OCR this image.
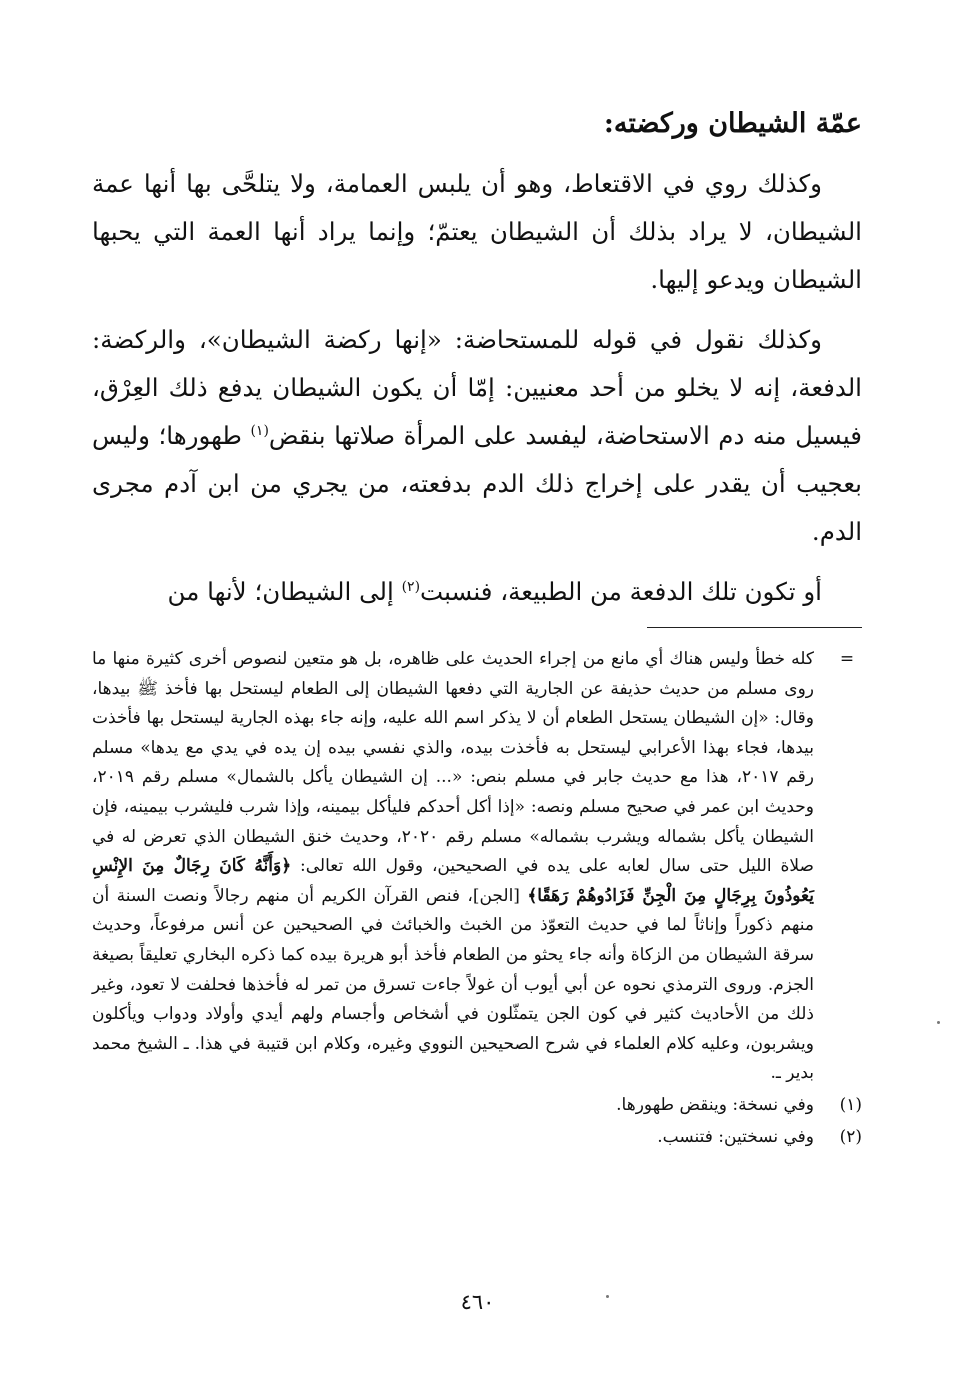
عمّة الشيطان وركضته:

وكذلك روي في الاقتعاط، وهو أن يلبس العمامة، ولا يتلحَّى بها أنها عمة الشيطان، لا يراد بذلك أن الشيطان يعتمّ؛ وإنما يراد أنها العمة التي يحبها الشيطان ويدعو إليها.

وكذلك نقول في قوله للمستحاضة: «إنها ركضة الشيطان»، والركضة: الدفعة، إنه لا يخلو من أحد معنيين: إمّا أن يكون الشيطان يدفع ذلك العِرْق، فيسيل منه دم الاستحاضة، ليفسد على المرأة صلاتها بنقض$^{(١)}$ طهورها؛ وليس بعجيب أن يقدر على إخراج ذلك الدم بدفعته، من يجري من ابن آدم مجرى الدم.

أو تكون تلك الدفعة من الطبيعة، فنسبت$^{(٢)}$ إلى الشيطان؛ لأنها من

=
كله خطأ وليس هناك أي مانع من إجراء الحديث على ظاهره، بل هو متعين لنصوص أخرى كثيرة منها ما روى مسلم من حديث حذيفة عن الجارية التي دفعها الشيطان إلى الطعام ليستحل بها فأخذ ﷺ بيدها، وقال: «إن الشيطان يستحل الطعام أن لا يذكر اسم الله عليه، وإنه جاء بهذه الجارية ليستحل بها فأخذت بيدها، فجاء بهذا الأعرابي ليستحل به فأخذت بيده، والذي نفسي بيده إن يده في يدي مع يدها» مسلم رقم ٢٠١٧، هذا مع حديث جابر في مسلم بنص: «... إن الشيطان يأكل بالشمال» مسلم رقم ٢٠١٩، وحديث ابن عمر في صحيح مسلم ونصه: «إذا أكل أحدكم فليأكل بيمينه، وإذا شرب فليشرب بيمينه، فإن الشيطان يأكل بشماله ويشرب بشماله» مسلم رقم ٢٠٢٠، وحديث خنق الشيطان الذي تعرض له في صلاة الليل حتى سال لعابه على يده في الصحيحين، وقول الله تعالى: ﴿وَأَنَّهُ كَانَ رِجَالٌ مِنَ الإِنْسِ يَعُوذُونَ بِرِجَالٍ مِنَ الْجِنِّ فَزَادُوهُمْ رَهَقًا﴾ [الجن]، فنص القرآن الكريم أن منهم رجالاً ونصت السنة أن منهم ذكوراً وإناثاً لما في حديث التعوّذ من الخبث والخبائث في الصحيحين عن أنس مرفوعاً، وحديث سرقة الشيطان من الزكاة وأنه جاء يحثو من الطعام فأخذ أبو هريرة بيده كما ذكره البخاري تعليقاً بصيغة الجزم. وروى الترمذي نحوه عن أبي أيوب أن غولاً جاءت تسرق من تمر له فأخذها فحلفت لا تعود، وغير ذلك من الأحاديث كثير في كون الجن يتمثّلون في أشخاص وأجسام ولهم أيدي وأولاد ودواب ويأكلون ويشربون، وعليه كلام العلماء في شرح الصحيحين النووي وغيره، وكلام ابن قتيبة في هذا. ـ الشيخ محمد بدير ـ.
(١)
وفي نسخة: وينقض طهورها.
(٢)
وفي نسختين: فتنسب.
٤٦٠
